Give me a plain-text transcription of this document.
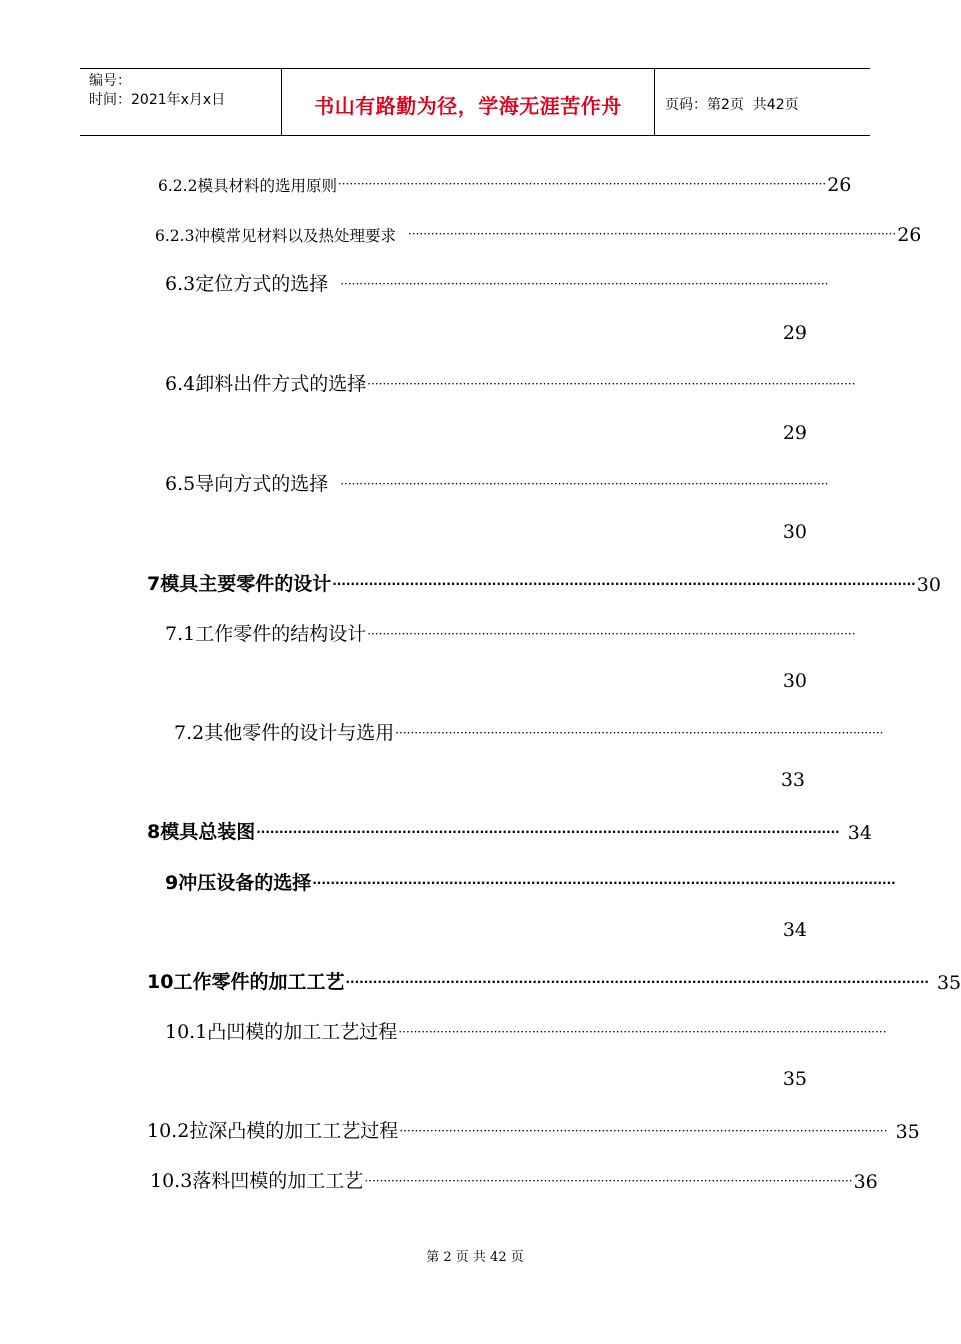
编号：
时间：2021年x月x日	书山有路勤为径，学海无涯苦作舟	页码：第2页  共42页
6.2.2模具材料的选用原则 ································································································································ 26
6.2.3冲模常见材料以及热处理要求 ································································································································ 26
6.3定位方式的选择 ································································································································
29
6.4卸料出件方式的选择 ································································································································
29
6.5导向方式的选择 ································································································································
30
7模具主要零件的设计 ································································································································ 30
7.1工作零件的结构设计 ································································································································
30
7.2其他零件的设计与选用 ································································································································
33
8模具总装图 ································································································································ 34
9冲压设备的选择 ································································································································
34
10工作零件的加工工艺 ································································································································ 35
10.1凸凹模的加工工艺过程 ································································································································
35
10.2拉深凸模的加工工艺过程 ································································································································ 35
10.3落料凹模的加工工艺 ································································································································ 36
第 2 页 共 42 页
